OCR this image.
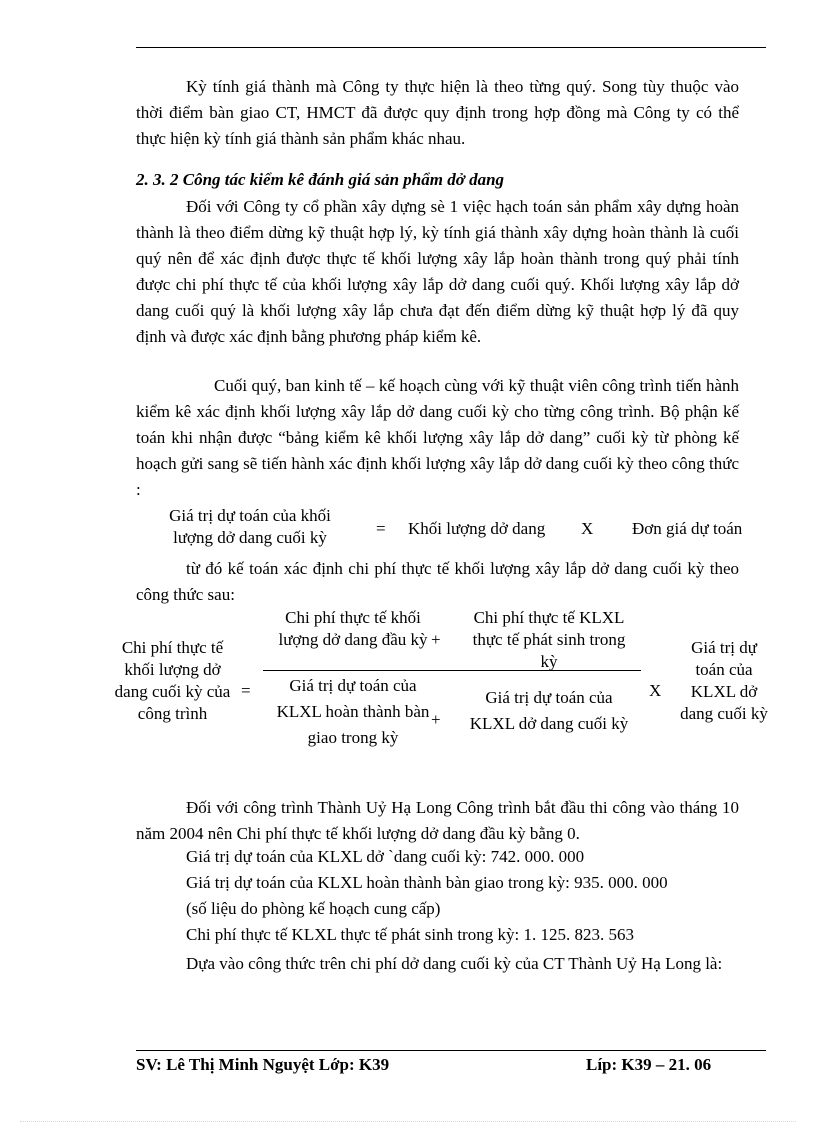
Kỳ tính giá thành mà Công ty thực hiện là theo từng quý. Song tùy thuộc vào thời điểm bàn giao CT, HMCT đã được quy định trong hợp đồng mà Công ty có thể thực hiện kỳ tính giá thành sản phẩm khác nhau.
2. 3. 2 Công tác kiểm kê đánh giá sản phẩm dở dang
Đối với Công ty cổ phần xây dựng sè 1 việc hạch toán sản phẩm xây dựng hoàn thành là theo điểm dừng kỹ thuật hợp lý, kỳ tính giá thành xây dựng hoàn thành là cuối quý nên để xác định được thực tế khối lượng xây lắp hoàn thành trong quý phải tính được chi phí thực tế của khối lượng xây lắp dở dang cuối quý. Khối lượng xây lắp dở dang cuối quý là khối lượng xây lắp chưa đạt đến điểm dừng kỹ thuật hợp lý đã quy định và được xác định bằng phương pháp kiểm kê.
Cuối quý, ban kinh tế – kế hoạch cùng với kỹ thuật viên công trình tiến hành kiểm kê xác định khối lượng xây lắp dở dang cuối kỳ cho từng công trình. Bộ phận kế toán khi nhận được “bảng kiểm kê khối lượng xây lắp dở dang” cuối kỳ từ phòng kế hoạch gửi sang sẽ tiến hành xác định khối lượng xây lắp dở dang cuối kỳ theo công thức :
Giá trị dự toán của khối lượng dở dang cuối kỳ	= Khối lượng dở dang X Đơn giá dự toán
từ đó kế toán xác định chi phí thực tế khối lượng xây lắp dở dang cuối kỳ theo công thức sau:
Chi phí thực tế khối lượng dở dang cuối kỳ của công trình
=
Chi phí thực tế khối lượng dở dang đầu kỳ +
Chi phí thực tế KLXL thực tế phát sinh trong kỳ
Giá trị dự toán của KLXL hoàn thành bàn giao trong kỳ
+
Giá trị dự toán của KLXL dở dang cuối kỳ
X
Giá trị dự toán của KLXL dở dang cuối kỳ
Đối với công trình Thành Uỷ Hạ Long Công trình bắt đầu thi công vào tháng 10 năm 2004 nên Chi phí thực tế khối lượng dở dang đầu kỳ bằng 0.
Giá trị dự toán của KLXL dở `dang cuối kỳ: 742. 000. 000
Giá trị dự toán của KLXL hoàn thành bàn giao trong kỳ: 935. 000. 000
(số liệu do phòng kế hoạch cung cấp)
Chi phí thực tế KLXL thực tế phát sinh trong kỳ: 1. 125. 823. 563
Dựa vào công thức trên chi phí dở dang cuối kỳ của CT Thành Uỷ Hạ Long là:
SV: Lê Thị Minh Nguyệt Lớp: K39	Líp: K39 – 21. 06
